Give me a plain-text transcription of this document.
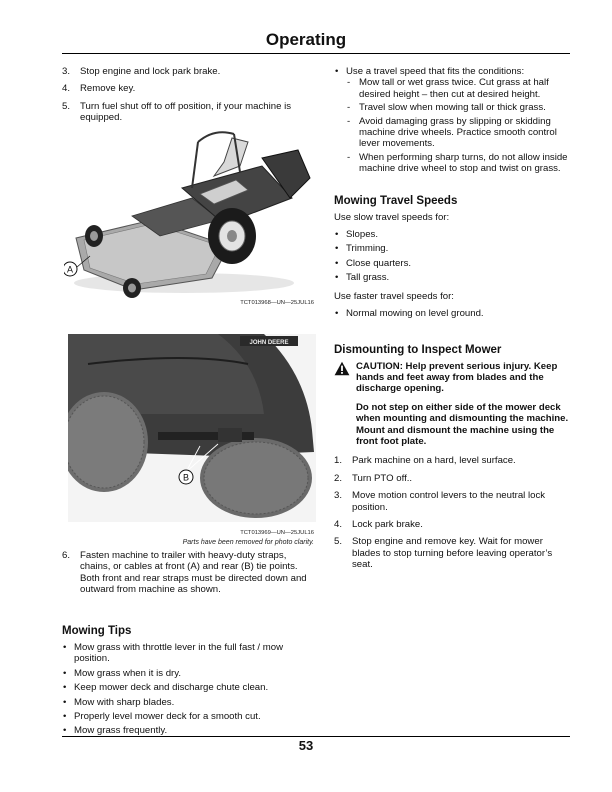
Operating
3. Stop engine and lock park brake.
4. Remove key.
5. Turn fuel shut off to off position, if your machine is equipped.
A
TCT013968—UN—25JUL16
JOHN DEERE
B
TCT013969—UN—25JUL16
Parts have been removed for photo clarity.
6. Fasten machine to trailer with heavy-duty straps, chains, or cables at front (A) and rear (B) tie points. Both front and rear straps must be directed down and outward from machine as shown.
Mowing Tips
• Mow grass with throttle lever in the full fast / mow position.
• Mow grass when it is dry.
• Keep mower deck and discharge chute clean.
• Mow with sharp blades.
• Properly level mower deck for a smooth cut.
• Mow grass frequently.
• Use a travel speed that fits the conditions:
- Mow tall or wet grass twice. Cut grass at half desired height – then cut at desired height.
- Travel slow when mowing tall or thick grass.
- Avoid damaging grass by slipping or skidding machine drive wheels. Practice smooth control lever movements.
- When performing sharp turns, do not allow inside machine drive wheel to stop and twist on grass.
Mowing Travel Speeds

Use slow travel speeds for:

• Slopes.
• Trimming.
• Close quarters.
• Tall grass.

Use faster travel speeds for:

• Normal mowing on level ground.
Dismounting to Inspect Mower
CAUTION: Help prevent serious injury. Keep hands and feet away from blades and the discharge opening.
Do not step on either side of the mower deck when mounting and dismounting the machine. Mount and dismount the machine using the front foot plate.
1. Park machine on a hard, level surface.
2. Turn PTO off..
3. Move motion control levers to the neutral lock position.
4. Lock park brake.
5. Stop engine and remove key. Wait for mower blades to stop turning before leaving operator’s seat.
53
